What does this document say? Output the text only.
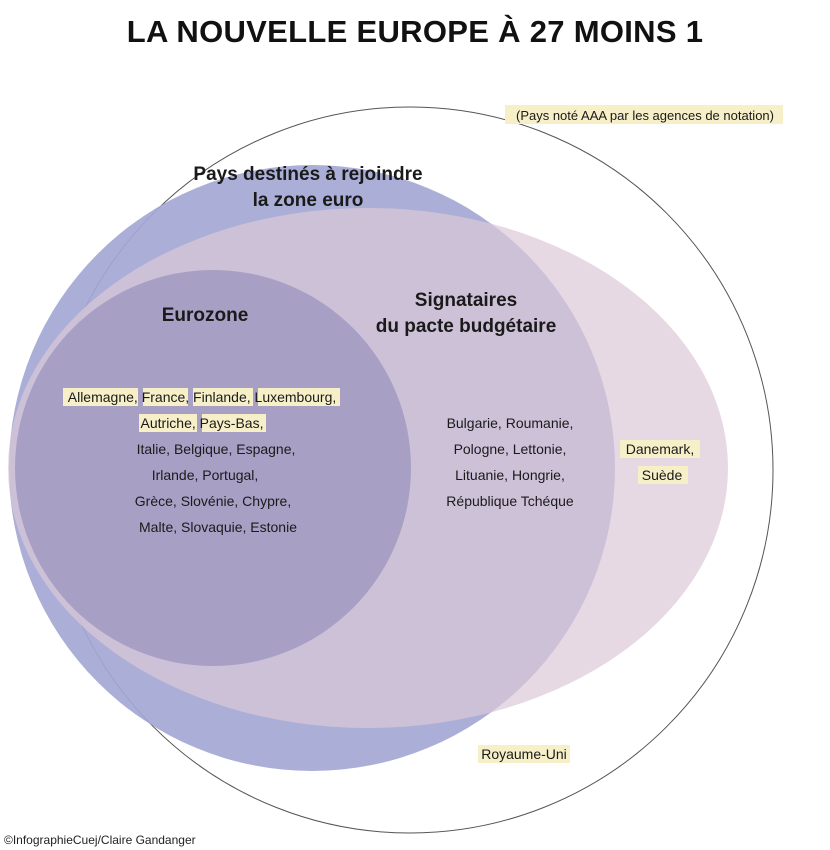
LA NOUVELLE EUROPE À 27 MOINS 1
(Pays noté AAA par les agences de notation)
Pays destinés à rejoindre
la zone euro
Eurozone
Signataires
du pacte budgétaire
Allemagne, France, Finlande, Luxembourg,
Autriche, Pays-Bas,
Italie, Belgique, Espagne,
Irlande, Portugal,
Grèce, Slovénie, Chypre,
Malte, Slovaquie, Estonie
Bulgarie, Roumanie,
Pologne, Lettonie,
Lituanie, Hongrie,
République Tchéque
Danemark,
Suède
Royaume-Uni
©InfographieCuej/Claire Gandanger
